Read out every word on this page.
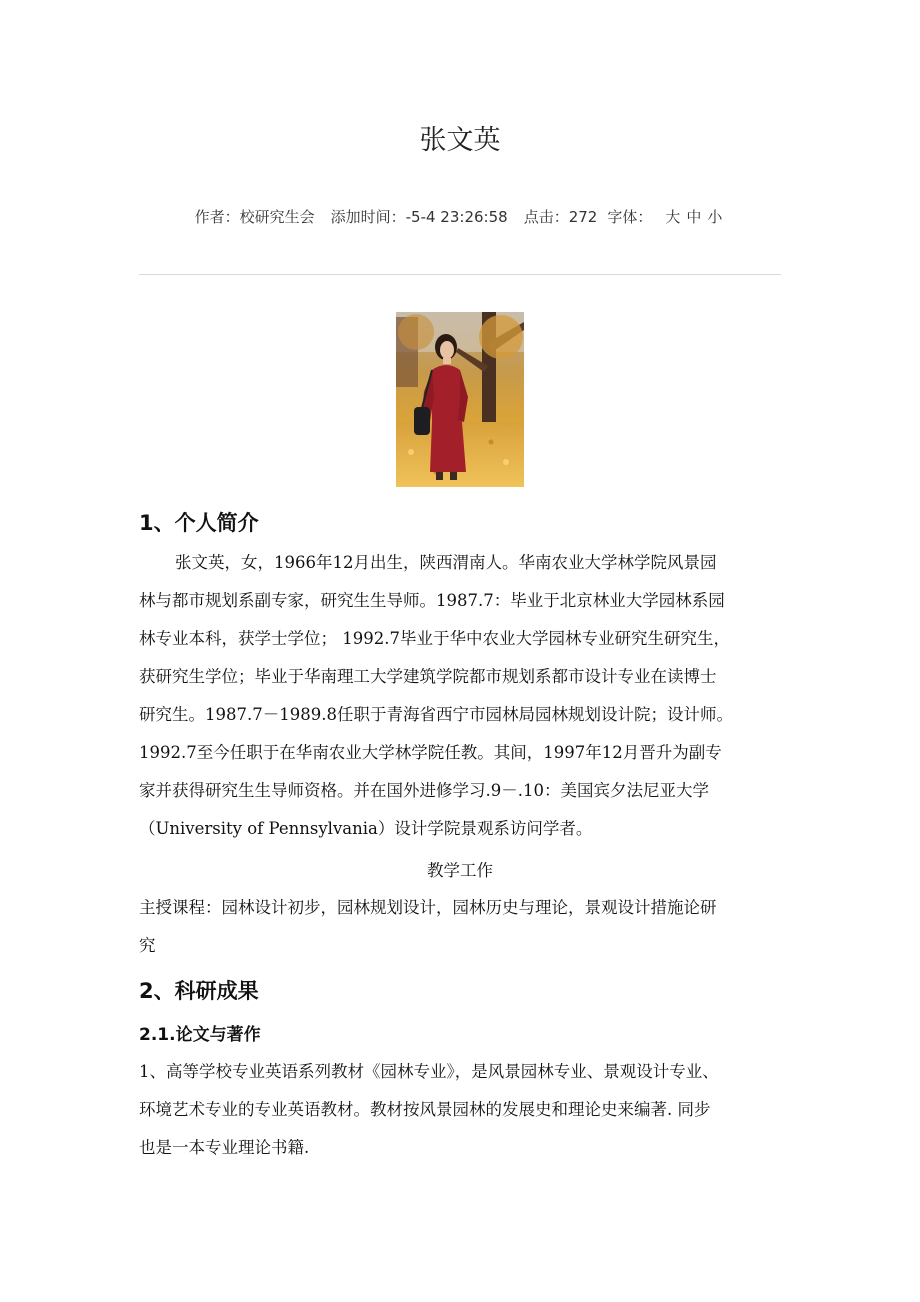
张文英
作者：校研究生会 添加时间：-5-4 23:26:58 点击：272 字体： 大 中 小
1、个人简介
张文英，女，1966年12月出生，陕西渭南人。华南农业大学林学院风景园
林与都市规划系副专家，研究生生导师。1987.7：毕业于北京林业大学园林系园
林专业本科，获学士学位； 1992.7毕业于华中农业大学园林专业研究生研究生，
获研究生学位；毕业于华南理工大学建筑学院都市规划系都市设计专业在读博士
研究生。1987.7－1989.8任职于青海省西宁市园林局园林规划设计院；设计师。
1992.7至今任职于在华南农业大学林学院任教。其间，1997年12月晋升为副专
家并获得研究生生导师资格。并在国外进修学习.9－.10：美国宾夕法尼亚大学
（University of Pennsylvania）设计学院景观系访问学者。
教学工作
主授课程：园林设计初步，园林规划设计，园林历史与理论，景观设计措施论研
究
2、科研成果
2.1.论文与著作
1、高等学校专业英语系列教材《园林专业》，是风景园林专业、景观设计专业、
环境艺术专业的专业英语教材。教材按风景园林的发展史和理论史来编著. 同步
也是一本专业理论书籍.
